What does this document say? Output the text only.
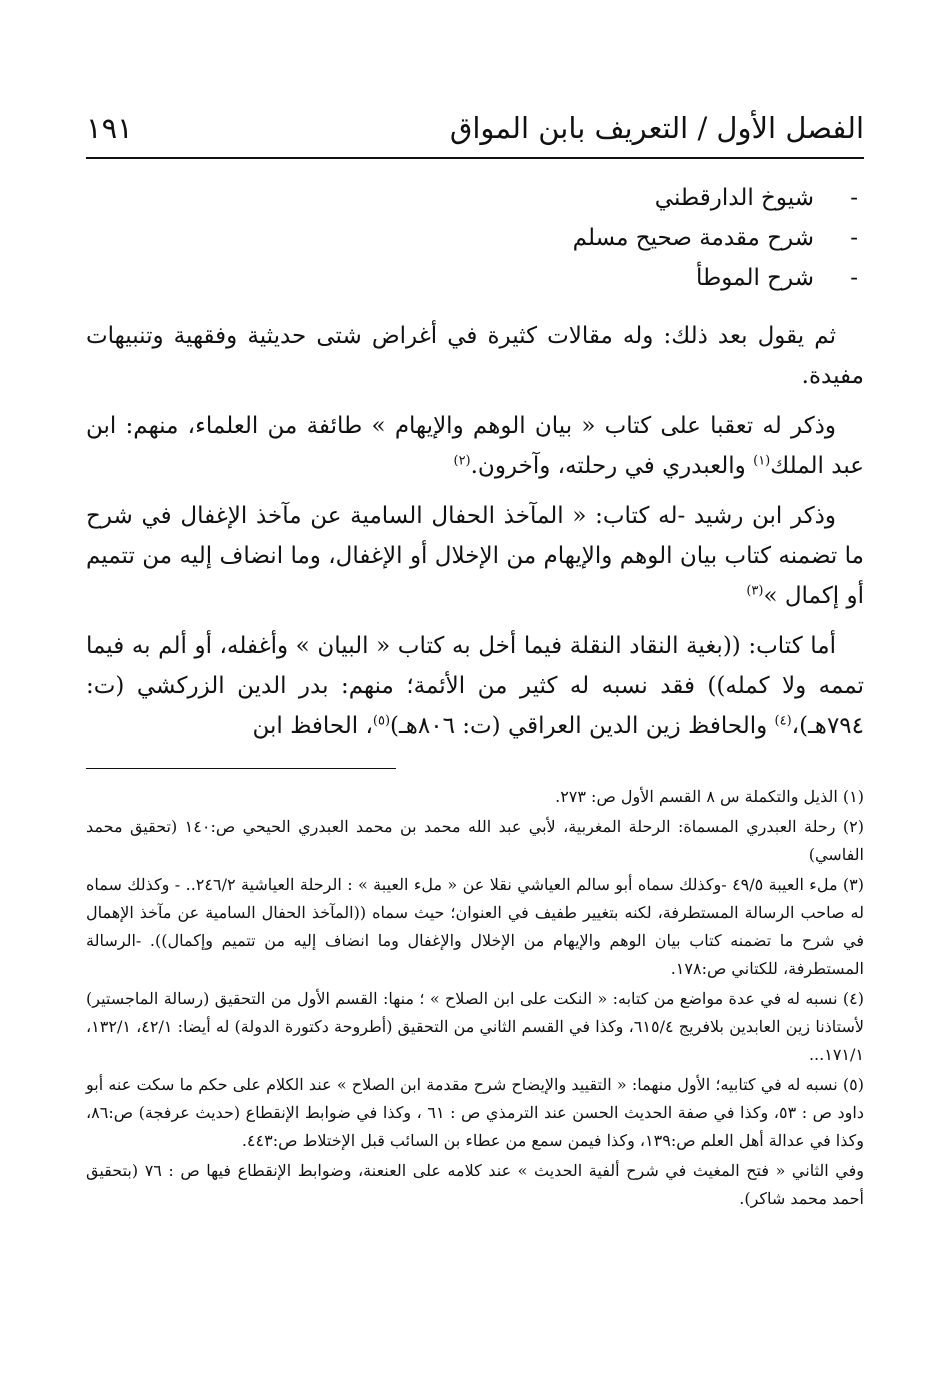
الفصل الأول / التعريف بابن المواق
١٩١

-شيوخ الدارقطني

-شرح مقدمة صحيح مسلم

-شرح الموطأ

ثم يقول بعد ذلك: وله مقالات كثيرة في أغراض شتى حديثية وفقهية وتنبيهات مفيدة.

وذكر له تعقبا على كتاب « بيان الوهم والإيهام » طائفة من العلماء، منهم: ابن عبد الملك$^{(١)}$ والعبدري في رحلته، وآخرون.$^{(٢)}$

وذكر ابن رشيد -له كتاب: « المآخذ الحفال السامية عن مآخذ الإغفال في شرح ما تضمنه كتاب بيان الوهم والإيهام من الإخلال أو الإغفال، وما انضاف إليه من تتميم أو إكمال »$^{(٣)}$

أما كتاب: ((بغية النقاد النقلة فيما أخل به كتاب « البيان » وأغفله، أو ألم به فيما تممه ولا كمله)) فقد نسبه له كثير من الأئمة؛ منهم: بدر الدين الزركشي (ت: ٧٩٤هـ)،$^{(٤)}$ والحافظ زين الدين العراقي (ت: ٨٠٦هـ)$^{(٥)}$، الحافظ ابن

(١) الذيل والتكملة س ٨ القسم الأول ص: ٢٧٣.

(٢) رحلة العبدري المسماة: الرحلة المغربية، لأبي عبد الله محمد بن محمد العبدري الحيحي ص:١٤٠ (تحقيق محمد الفاسي)

(٣) ملء العيبة ٤٩/٥ -وكذلك سماه أبو سالم العياشي نقلا عن « ملء العيبة » : الرحلة العياشية ٢٤٦/٢.. - وكذلك سماه له صاحب الرسالة المستطرفة، لكنه بتغيير طفيف في العنوان؛ حيث سماه ((المآخذ الحفال السامية عن مآخذ الإهمال في شرح ما تضمنه كتاب بيان الوهم والإيهام من الإخلال والإغفال وما انضاف إليه من تتميم وإكمال)). -الرسالة المستطرفة، للكتاني ص:١٧٨.

(٤) نسبه له في عدة مواضع من كتابه: « النكت على ابن الصلاح » ؛ منها: القسم الأول من التحقيق (رسالة الماجستير) لأستاذنا زين العابدين بلافريج ٦١٥/٤، وكذا في القسم الثاني من التحقيق (أطروحة دكتورة الدولة) له أيضا: ٤٢/١، ١٣٢/١، ١٧١/١...

(٥) نسبه له في كتابيه؛ الأول منهما: « التقييد والإيضاح شرح مقدمة ابن الصلاح » عند الكلام على حكم ما سكت عنه أبو داود ص : ٥٣، وكذا في صفة الحديث الحسن عند الترمذي ص : ٦١ ، وكذا في ضوابط الإنقطاع (حديث عرفجة) ص:٨٦، وكذا في عدالة أهل العلم ص:١٣٩، وكذا فيمن سمع من عطاء بن السائب قبل الإختلاط ص:٤٤٣.

وفي الثاني « فتح المغيث في شرح ألفية الحديث » عند كلامه على العنعنة، وضوابط الإنقطاع فيها ص : ٧٦ (بتحقيق أحمد محمد شاكر).
